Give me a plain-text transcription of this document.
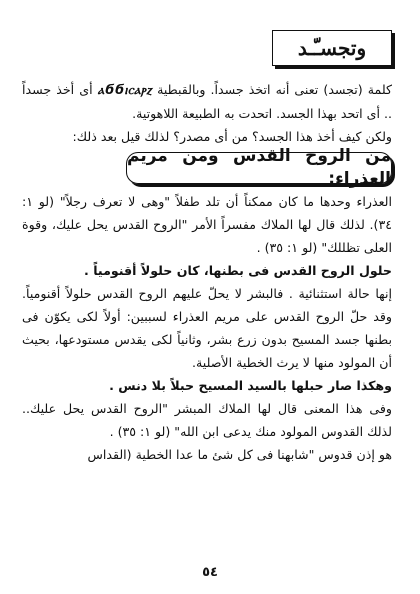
وتجسـّـد

كلمة (تجسد) تعنى أنه اتخذ جسداً. وبالقبطية ⲁϭϭⲓⲥⲁⲣⲍ أى أخذ جسداً .. أى اتحد بهذا الجسد. اتحدت به الطبيعة اللاهوتية.

ولكن كيف أخذ هذا الجسد؟ من أى مصدر؟ لذلك قيل بعد ذلك:

من الروح القدس ومن مريم العذراء:

العذراء وحدها ما كان ممكناً أن تلد طفلاً "وهى لا تعرف رجلاً" (لو ١: ٣٤). لذلك قال لها الملاك مفسراً الأمر "الروح القدس يحل عليك، وقوة العلى تظللك" (لو ١: ٣٥) .

حلول الروح القدس فى بطنها، كان حلولاً أقنومياً .

إنها حالة استثنائية . فالبشر لا يحلّ عليهم الروح القدس حلولاً أقنومياً. وقد حلّ الروح القدس على مريم العذراء لسببين: أولاً لكى يكوّن فى بطنها جسد المسيح بدون زرع بشر، وثانياً لكى يقدس مستودعها، بحيث أن المولود منها لا يرث الخطية الأصلية.

وهكذا صار حبلها بالسيد المسيح حبلاً بلا دنس .

وفى هذا المعنى قال لها الملاك المبشر "الروح القدس يحل عليك.. لذلك القدوس المولود منك يدعى ابن الله" (لو ١: ٣٥) .

هو إذن قدوس "شابهنا فى كل شئ ما عدا الخطية (القداس

٥٤
